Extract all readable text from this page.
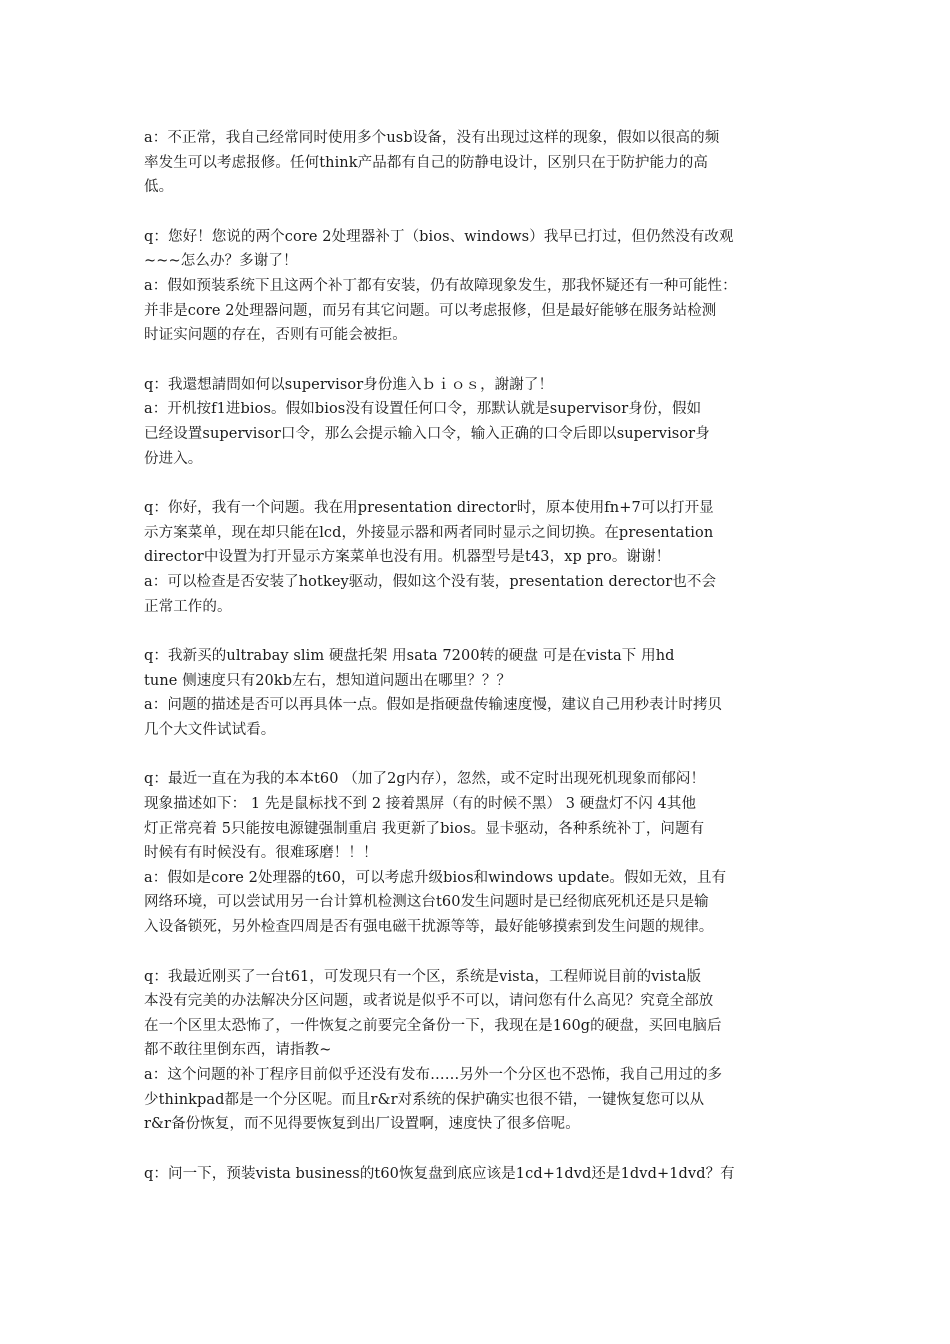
a：不正常，我自己经常同时使用多个usb设备，没有出现过这样的现象，假如以很高的频
率发生可以考虑报修。任何think产品都有自己的防静电设计，区别只在于防护能力的高
低。
q：您好！您说的两个core 2处理器补丁（bios、windows）我早已打过，但仍然没有改观
~~~怎么办？多谢了！
a：假如预装系统下且这两个补丁都有安装，仍有故障现象发生，那我怀疑还有一种可能性：
并非是core 2处理器问题，而另有其它问题。可以考虑报修，但是最好能够在服务站检测
时证实问题的存在，否则有可能会被拒。
q：我還想請問如何以supervisor身份進入ｂｉｏｓ，謝謝了！
a：开机按f1进bios。假如bios没有设置任何口令，那默认就是supervisor身份，假如
已经设置supervisor口令，那么会提示输入口令，输入正确的口令后即以supervisor身
份进入。
q：你好，我有一个问题。我在用presentation director时，原本使用fn+7可以打开显
示方案菜单，现在却只能在lcd，外接显示器和两者同时显示之间切换。在presentation
director中设置为打开显示方案菜单也没有用。机器型号是t43，xp pro。谢谢！
a：可以检查是否安装了hotkey驱动，假如这个没有装，presentation derector也不会
正常工作的。
q：我新买的ultrabay slim 硬盘托架 用sata 7200转的硬盘 可是在vista下 用hd
tune 侧速度只有20kb左右，想知道问题出在哪里？？？
a：问题的描述是否可以再具体一点。假如是指硬盘传输速度慢，建议自己用秒表计时拷贝
几个大文件试试看。
q：最近一直在为我的本本t60 （加了2g内存），忽然，或不定时出现死机现象而郁闷！
现象描述如下： 1 先是鼠标找不到 2 接着黑屏（有的时候不黑） 3 硬盘灯不闪 4其他
灯正常亮着 5只能按电源键强制重启 我更新了bios。显卡驱动，各种系统补丁，问题有
时候有有时候没有。很难琢磨！！！
a：假如是core 2处理器的t60，可以考虑升级bios和windows update。假如无效，且有
网络环境，可以尝试用另一台计算机检测这台t60发生问题时是已经彻底死机还是只是输
入设备锁死，另外检查四周是否有强电磁干扰源等等，最好能够摸索到发生问题的规律。
q：我最近刚买了一台t61，可发现只有一个区，系统是vista，工程师说目前的vista版
本没有完美的办法解决分区问题，或者说是似乎不可以，请问您有什么高见？究竟全部放
在一个区里太恐怖了，一件恢复之前要完全备份一下，我现在是160g的硬盘，买回电脑后
都不敢往里倒东西，请指教~
a：这个问题的补丁程序目前似乎还没有发布……另外一个分区也不恐怖，我自己用过的多
少thinkpad都是一个分区呢。而且r&r对系统的保护确实也很不错，一键恢复您可以从
r&r备份恢复，而不见得要恢复到出厂设置啊，速度快了很多倍呢。
q：问一下，预装vista business的t60恢复盘到底应该是1cd+1dvd还是1dvd+1dvd？有
